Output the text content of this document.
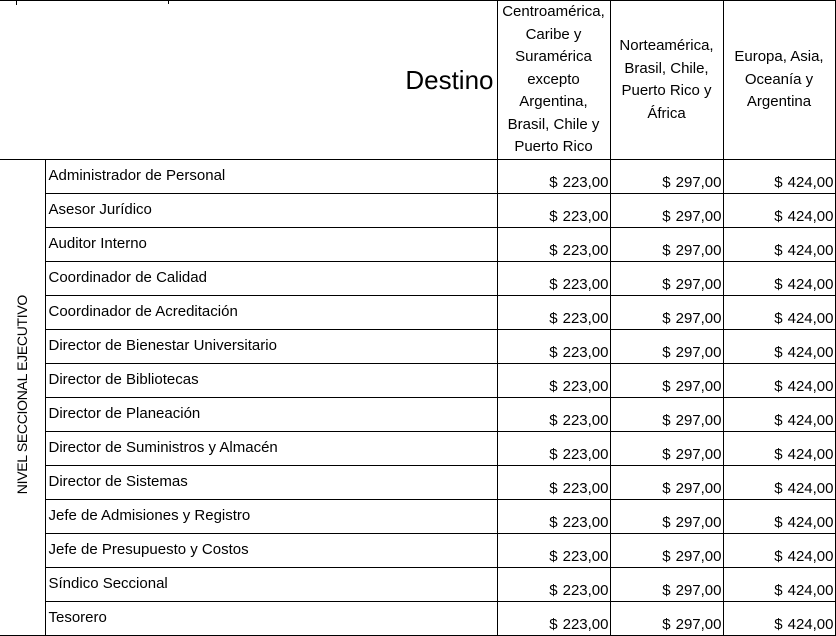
Destino	Centroamérica, Caribe y Suramérica excepto Argentina, Brasil, Chile y Puerto Rico	Norteamérica, Brasil, Chile, Puerto Rico y África	Europa, Asia, Oceanía y Argentina
NIVEL SECCIONAL EJECUTIVO	Administrador de Personal	$ 223,00	$ 297,00	$ 424,00

	Asesor Jurídico	$ 223,00	$ 297,00	$ 424,00

	Auditor Interno	$ 223,00	$ 297,00	$ 424,00

	Coordinador de Calidad	$ 223,00	$ 297,00	$ 424,00

	Coordinador de Acreditación	$ 223,00	$ 297,00	$ 424,00

	Director de Bienestar Universitario	$ 223,00	$ 297,00	$ 424,00

	Director de Bibliotecas	$ 223,00	$ 297,00	$ 424,00

	Director de Planeación	$ 223,00	$ 297,00	$ 424,00

	Director de Suministros y Almacén	$ 223,00	$ 297,00	$ 424,00

	Director de Sistemas	$ 223,00	$ 297,00	$ 424,00

	Jefe de Admisiones y Registro	$ 223,00	$ 297,00	$ 424,00

	Jefe de Presupuesto y Costos	$ 223,00	$ 297,00	$ 424,00

	Síndico Seccional	$ 223,00	$ 297,00	$ 424,00

	Tesorero	$ 223,00	$ 297,00	$ 424,00
